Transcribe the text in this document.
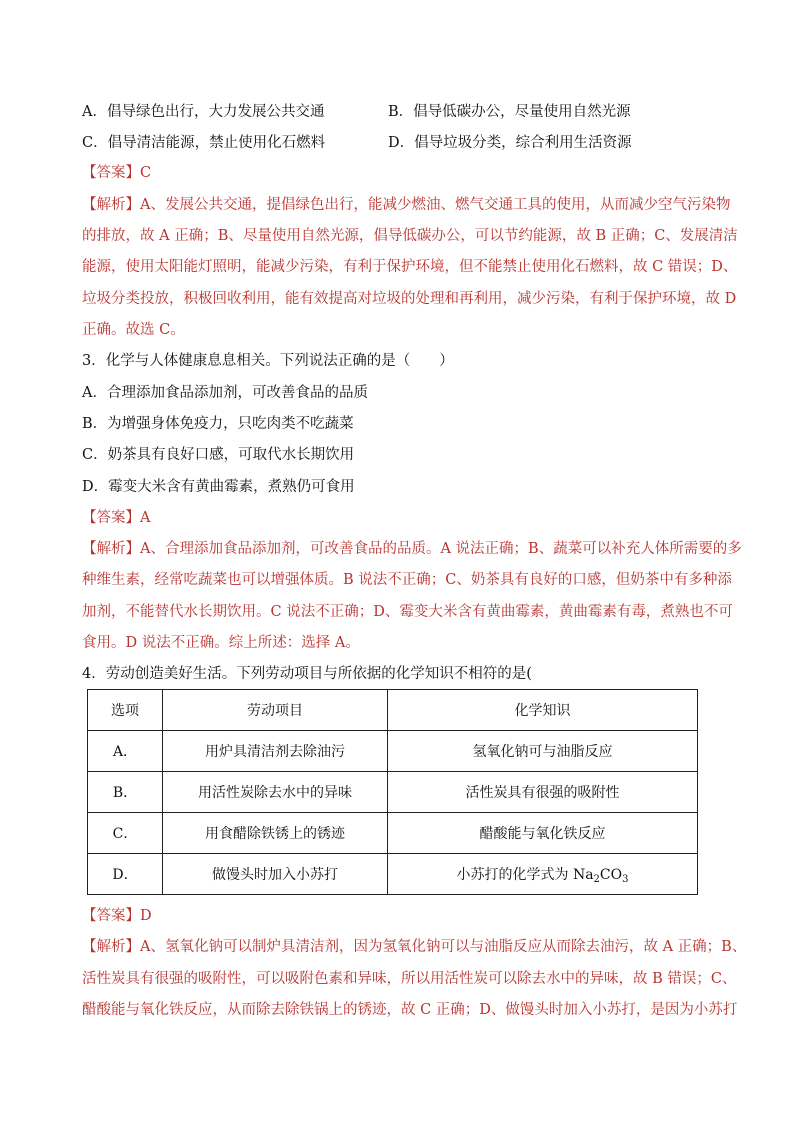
A．倡导绿色出行，大力发展公共交通	B．倡导低碳办公，尽量使用自然光源
C．倡导清洁能源，禁止使用化石燃料	D．倡导垃圾分类，综合利用生活资源
【答案】C
【解析】A、发展公共交通，提倡绿色出行，能减少燃油、燃气交通工具的使用，从而减少空气污染物
的排放，故 A 正确；B、尽量使用自然光源，倡导低碳办公，可以节约能源，故 B 正确；C、发展清洁
能源，使用太阳能灯照明，能减少污染，有利于保护环境，但不能禁止使用化石燃料，故 C 错误；D、
垃圾分类投放，积极回收利用，能有效提高对垃圾的处理和再利用，减少污染，有利于保护环境，故 D
正确。故选 C。
3．化学与人体健康息息相关。下列说法正确的是（　　）
A．合理添加食品添加剂，可改善食品的品质
B．为增强身体免疫力，只吃肉类不吃蔬菜
C．奶茶具有良好口感，可取代水长期饮用
D．霉变大米含有黄曲霉素，煮熟仍可食用
【答案】A
【解析】A、合理添加食品添加剂，可改善食品的品质。A 说法正确；B、蔬菜可以补充人体所需要的多
种维生素，经常吃蔬菜也可以增强体质。B 说法不正确；C、奶茶具有良好的口感，但奶茶中有多种添
加剂，不能替代水长期饮用。C 说法不正确；D、霉变大米含有黄曲霉素，黄曲霉素有毒，煮熟也不可
食用。D 说法不正确。综上所述：选择 A。
4．劳动创造美好生活。下列劳动项目与所依据的化学知识不相符的是(
选项	劳动项目	化学知识
A．	用炉具清洁剂去除油污	氢氧化钠可与油脂反应
B．	用活性炭除去水中的异味	活性炭具有很强的吸附性
C．	用食醋除铁锈上的锈迹	醋酸能与氧化铁反应
D．	做馒头时加入小苏打	小苏打的化学式为 $Na_2CO_3$
【答案】D
【解析】A、氢氧化钠可以制炉具清洁剂，因为氢氧化钠可以与油脂反应从而除去油污，故 A 正确；B、
活性炭具有很强的吸附性，可以吸附色素和异味，所以用活性炭可以除去水中的异味，故 B 错误；C、
醋酸能与氧化铁反应，从而除去除铁锅上的锈迹，故 C 正确；D、做馒头时加入小苏打，是因为小苏打
